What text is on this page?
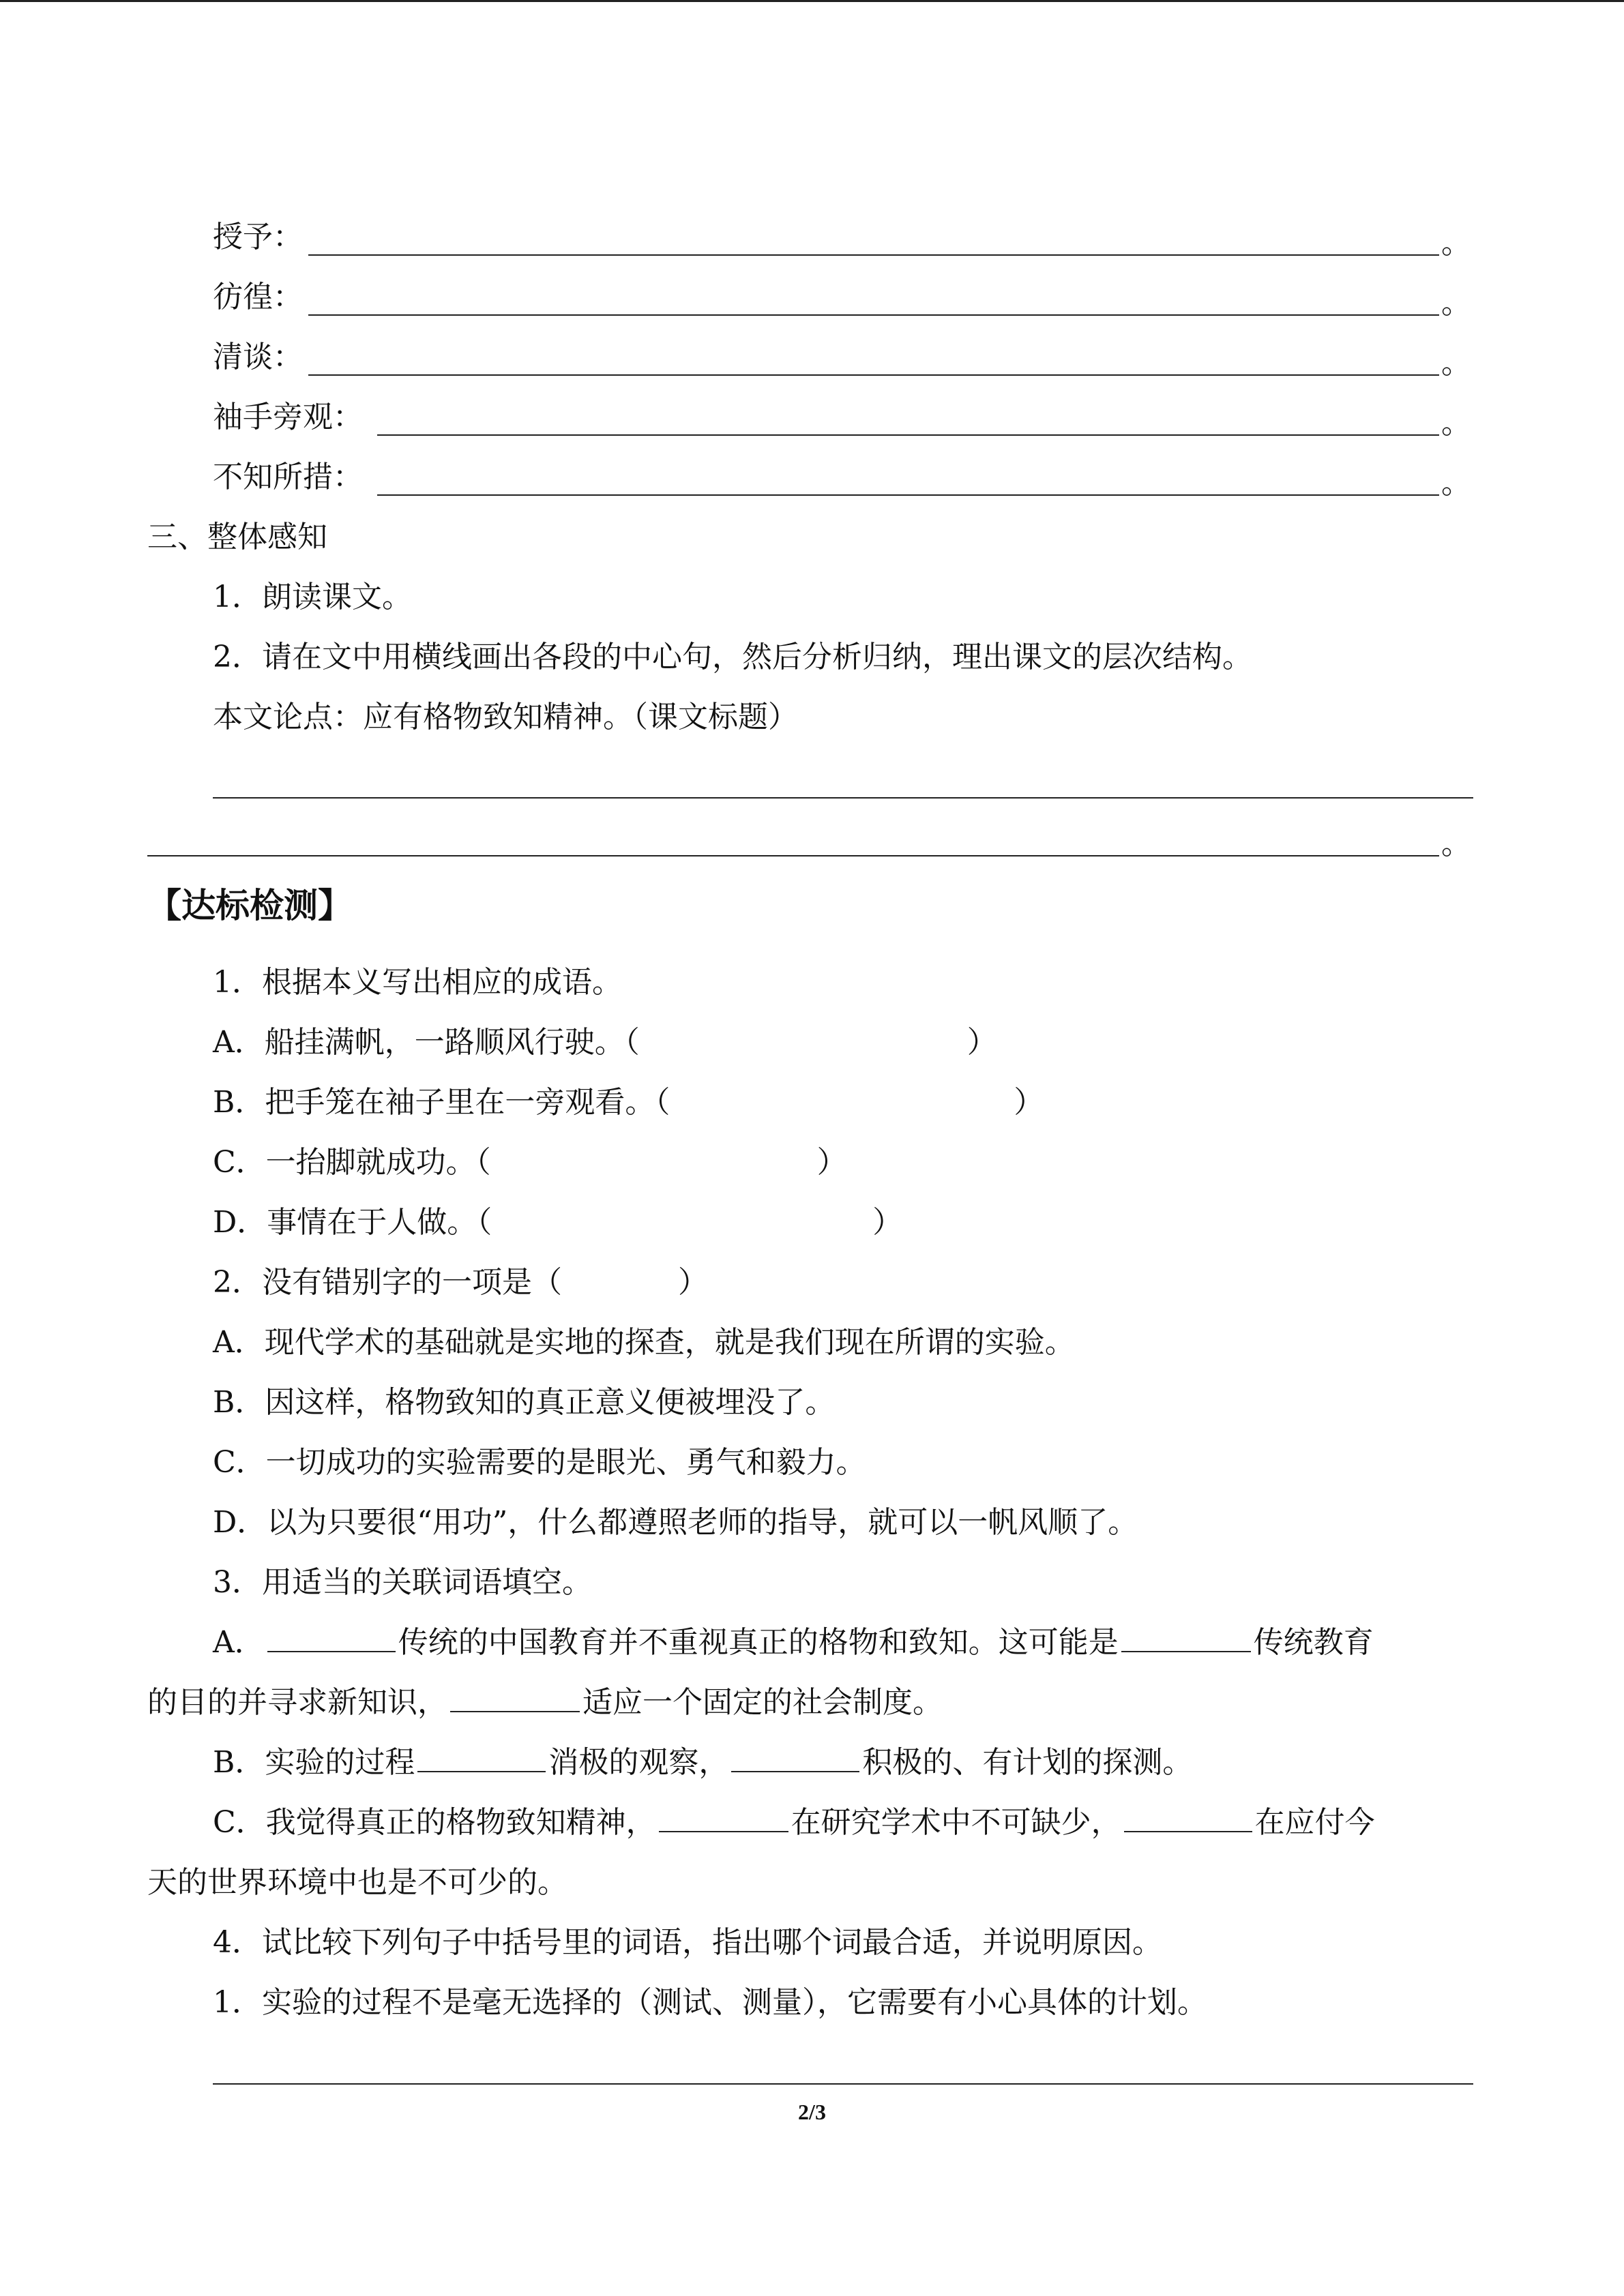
授予：	。
彷徨：	。
清谈：	。
袖手旁观：	。
不知所措：	。
三、整体感知
1．朗读课文。
2．请在文中用横线画出各段的中心句，然后分析归纳，理出课文的层次结构。
本文论点：应有格物致知精神。（课文标题）
。
【达标检测】
1．根据本义写出相应的成语。
A．船挂满帆，一路顺风行驶。（	）
B．把手笼在袖子里在一旁观看。（	）
C．一抬脚就成功。（	）
D．事情在于人做。（	）
2．没有错别字的一项是（	）
A．现代学术的基础就是实地的探查，就是我们现在所谓的实验。
B．因这样，格物致知的真正意义便被埋没了。
C．一切成功的实验需要的是眼光、勇气和毅力。
D．以为只要很“用功”，什么都遵照老师的指导，就可以一帆风顺了。
3．用适当的关联词语填空。
A．	传统的中国教育并不重视真正的格物和致知。这可能是	传统教育
的目的并寻求新知识，	适应一个固定的社会制度。
B．实验的过程	消极的观察，	积极的、有计划的探测。
C．我觉得真正的格物致知精神，	在研究学术中不可缺少，	在应付今
天的世界环境中也是不可少的。
4．试比较下列句子中括号里的词语，指出哪个词最合适，并说明原因。
1．实验的过程不是毫无选择的（测试、测量），它需要有小心具体的计划。
2/3
